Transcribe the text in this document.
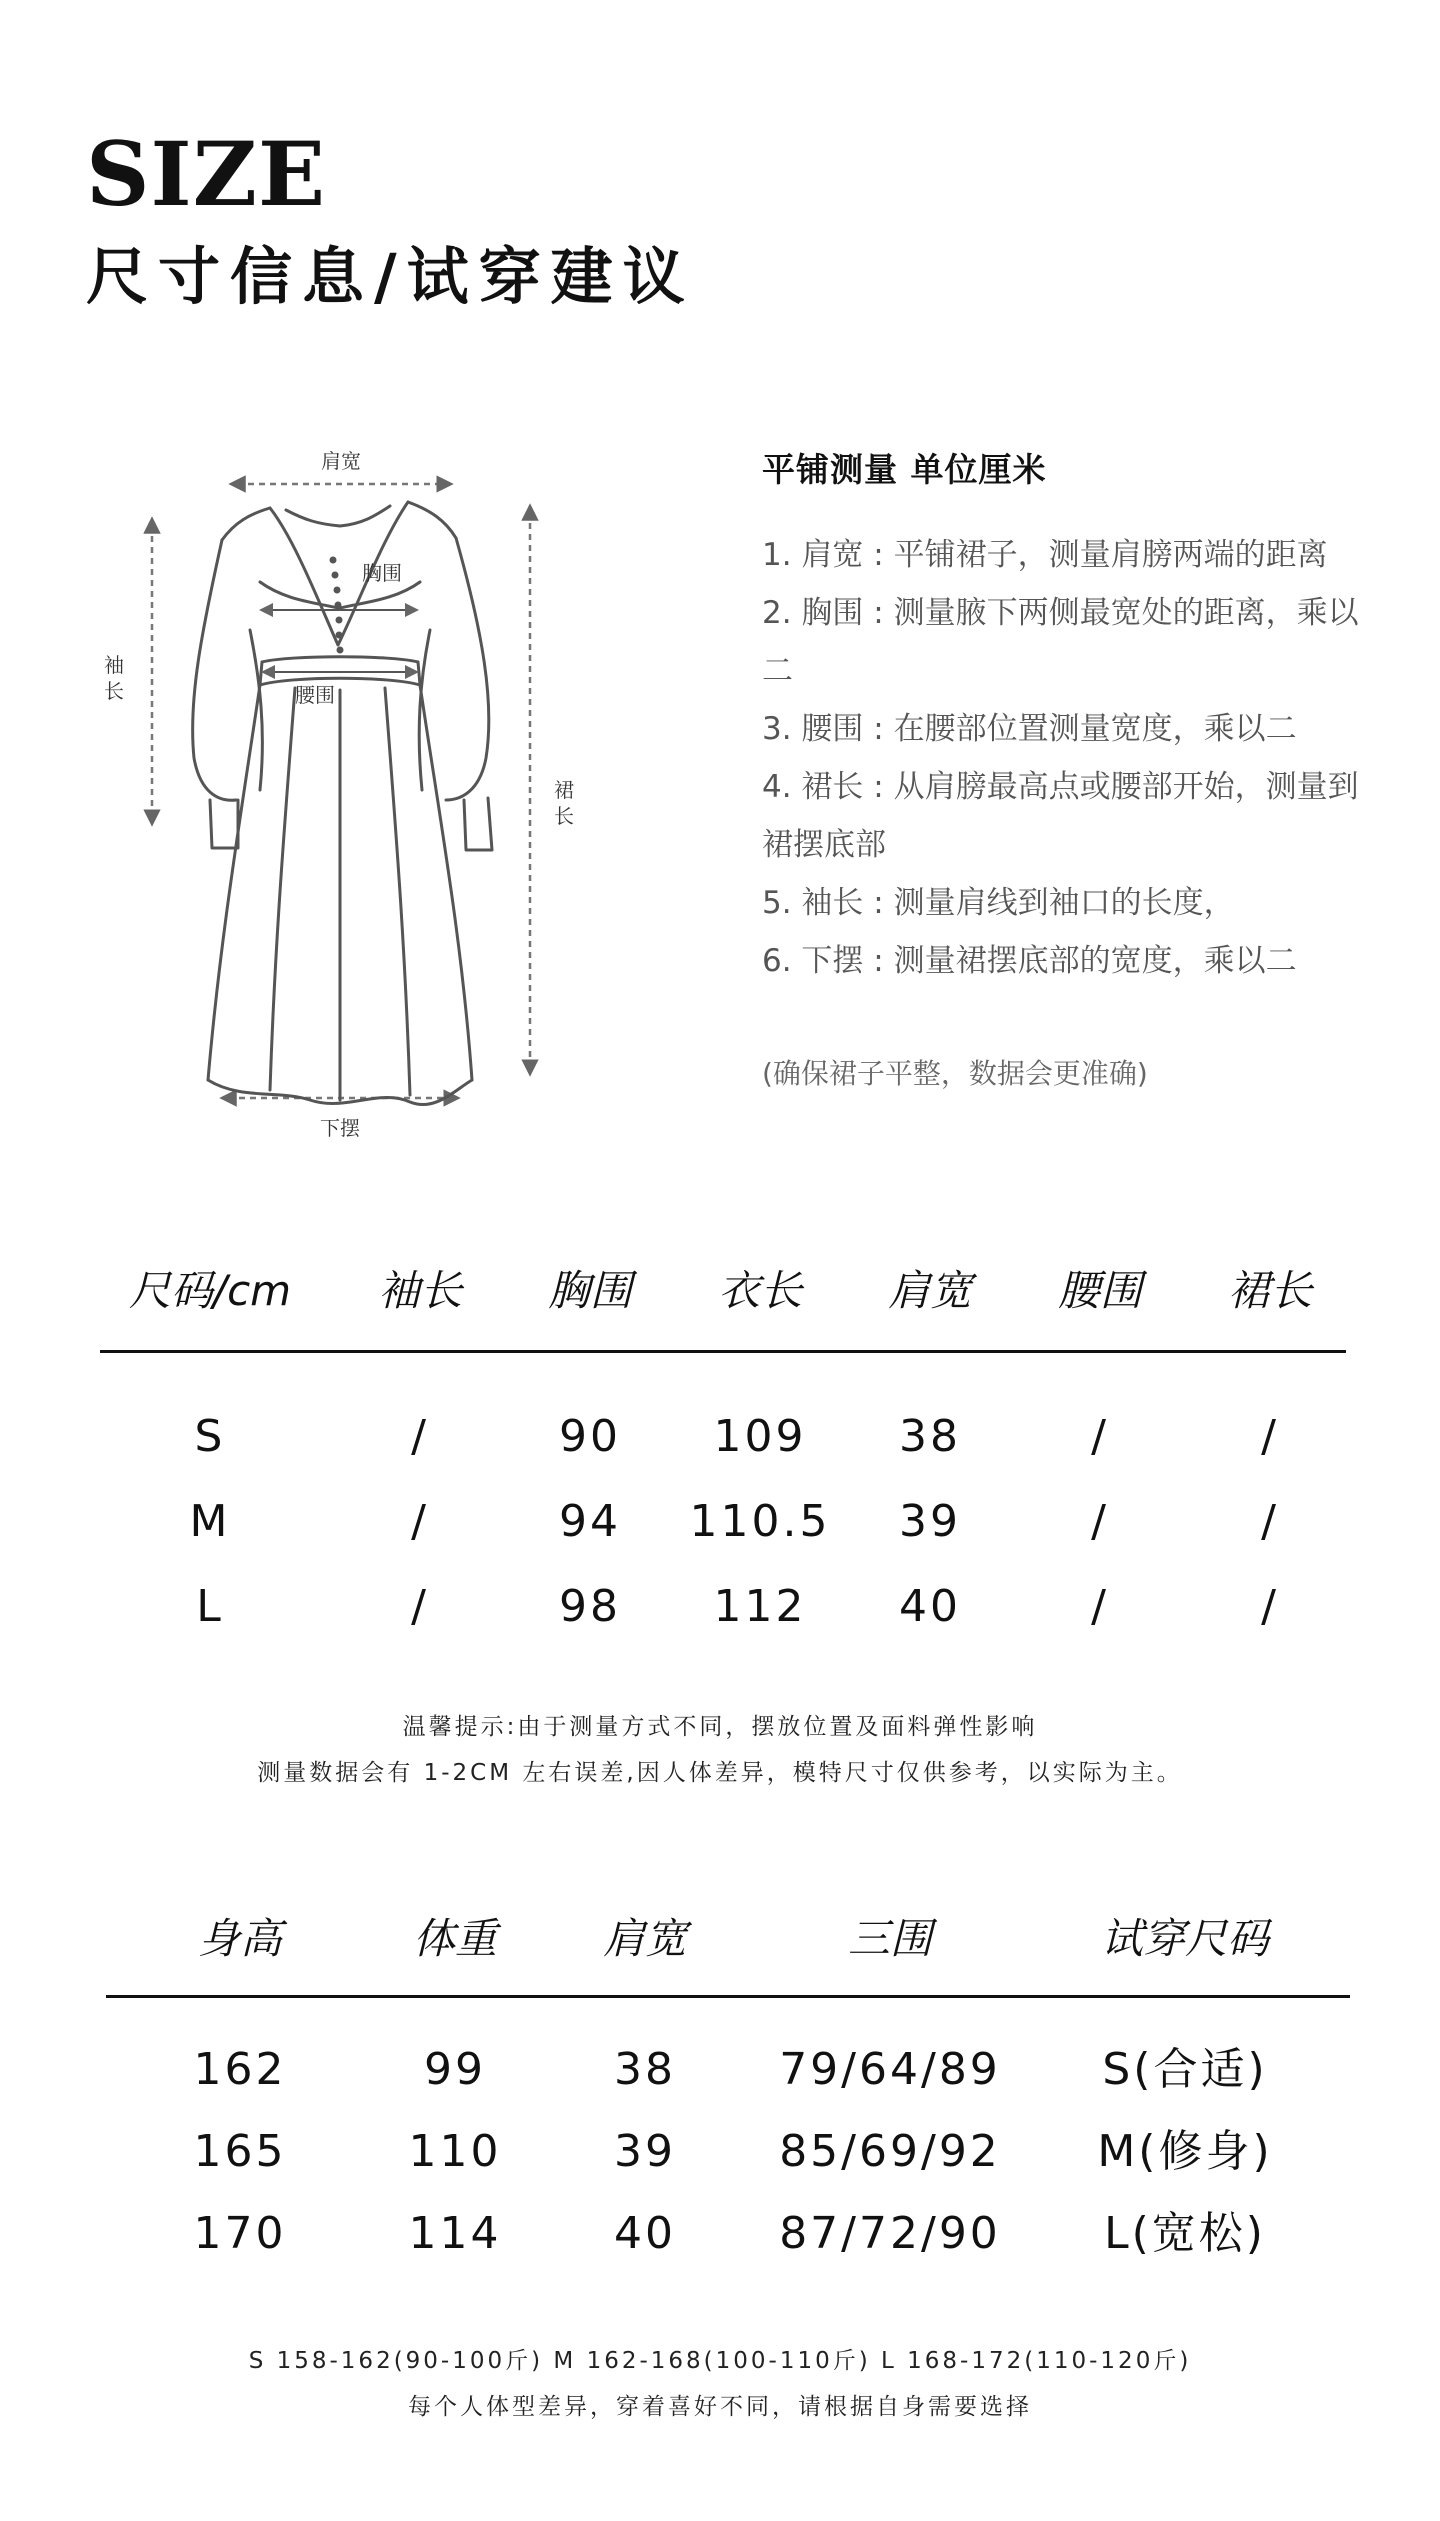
SIZE
尺寸信息/试穿建议
肩宽
胸围
腰围
袖
长
裙
长
下摆
平铺测量 单位厘米
1. 肩宽 : 平铺裙子，测量肩膀两端的距离
2. 胸围 : 测量腋下两侧最宽处的距离，乘以二
3. 腰围 : 在腰部位置测量宽度，乘以二
4. 裙长 : 从肩膀最高点或腰部开始，测量到裙摆底部
5. 袖长 : 测量肩线到袖口的长度，
6. 下摆 : 测量裙摆底部的宽度，乘以二
(确保裙子平整，数据会更准确)
尺码/cm	袖长	胸围	衣长	肩宽	腰围	裙长
S	/	90	109	38	/	/
M	/	94	110.5	39	/	/
L	/	98	112	40	/	/
温馨提示:由于测量方式不同，摆放位置及面料弹性影响
测量数据会有 1-2CM 左右误差,因人体差异，模特尺寸仅供参考，以实际为主。
身高	体重	肩宽	三围	试穿尺码
162	99	38	79/64/89	S(合适)
165	110	39	85/69/92	M(修身)
170	114	40	87/72/90	L(宽松)
S 158-162(90-100斤) M 162-168(100-110斤) L 168-172(110-120斤)
每个人体型差异，穿着喜好不同，请根据自身需要选择
